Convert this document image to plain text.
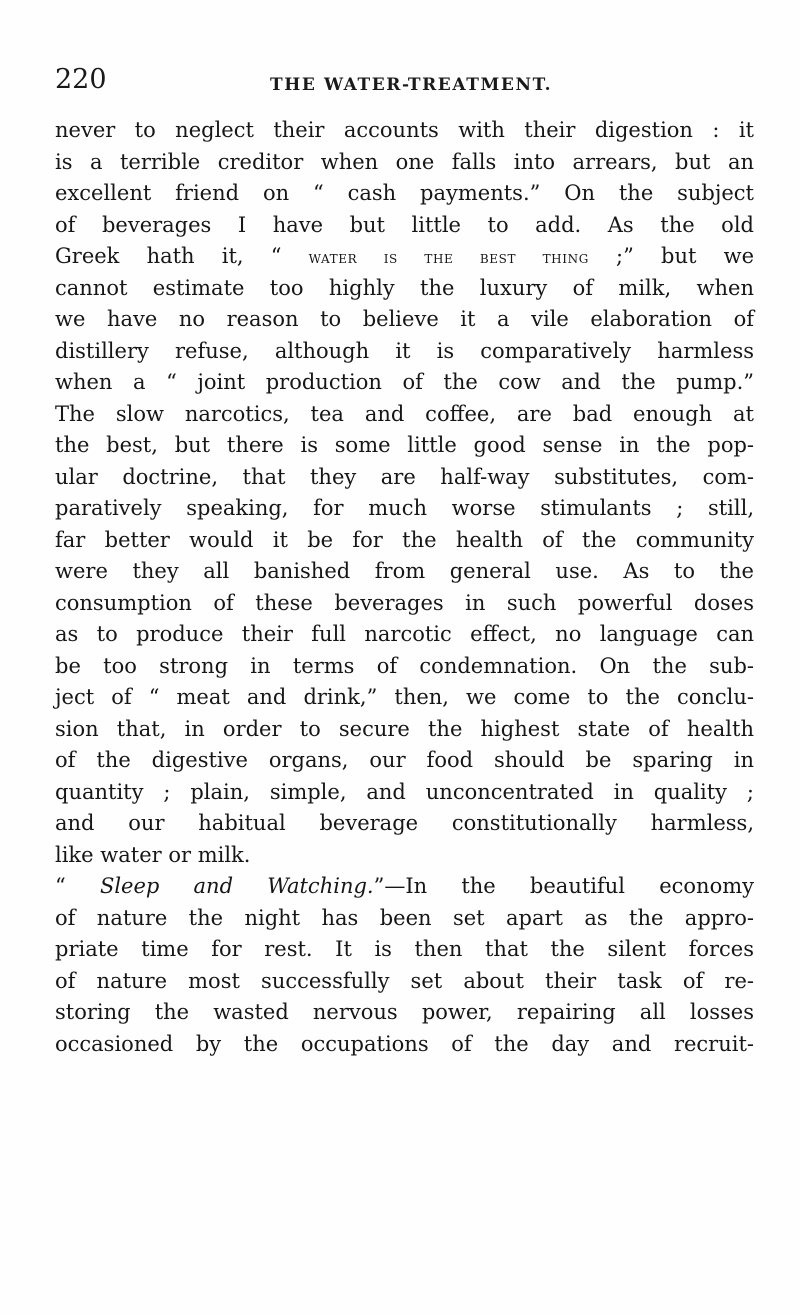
220	THE WATER-TREATMENT.
never to neglect their accounts with their digestion : it
is a terrible creditor when one falls into arrears, but an
excellent friend on “ cash payments.” On the subject
of beverages I have but little to add. As the old
Greek hath it, “ water is the best thing ;” but we
cannot estimate too highly the luxury of milk, when
we have no reason to believe it a vile elaboration of
distillery refuse, although it is comparatively harmless
when a “ joint production of the cow and the pump.”
The slow narcotics, tea and coffee, are bad enough at
the best, but there is some little good sense in the pop-
ular doctrine, that they are half-way substitutes, com-
paratively speaking, for much worse stimulants ; still,
far better would it be for the health of the community
were they all banished from general use. As to the
consumption of these beverages in such powerful doses
as to produce their full narcotic effect, no language can
be too strong in terms of condemnation. On the sub-
ject of “ meat and drink,” then, we come to the conclu-
sion that, in order to secure the highest state of health
of the digestive organs, our food should be sparing in
quantity ; plain, simple, and unconcentrated in quality ;
and our habitual beverage constitutionally harmless,
like water or milk.
“ Sleep and Watching.”—In the beautiful economy
of nature the night has been set apart as the appro-
priate time for rest. It is then that the silent forces
of nature most successfully set about their task of re-
storing the wasted nervous power, repairing all losses
occasioned by the occupations of the day and recruit-
